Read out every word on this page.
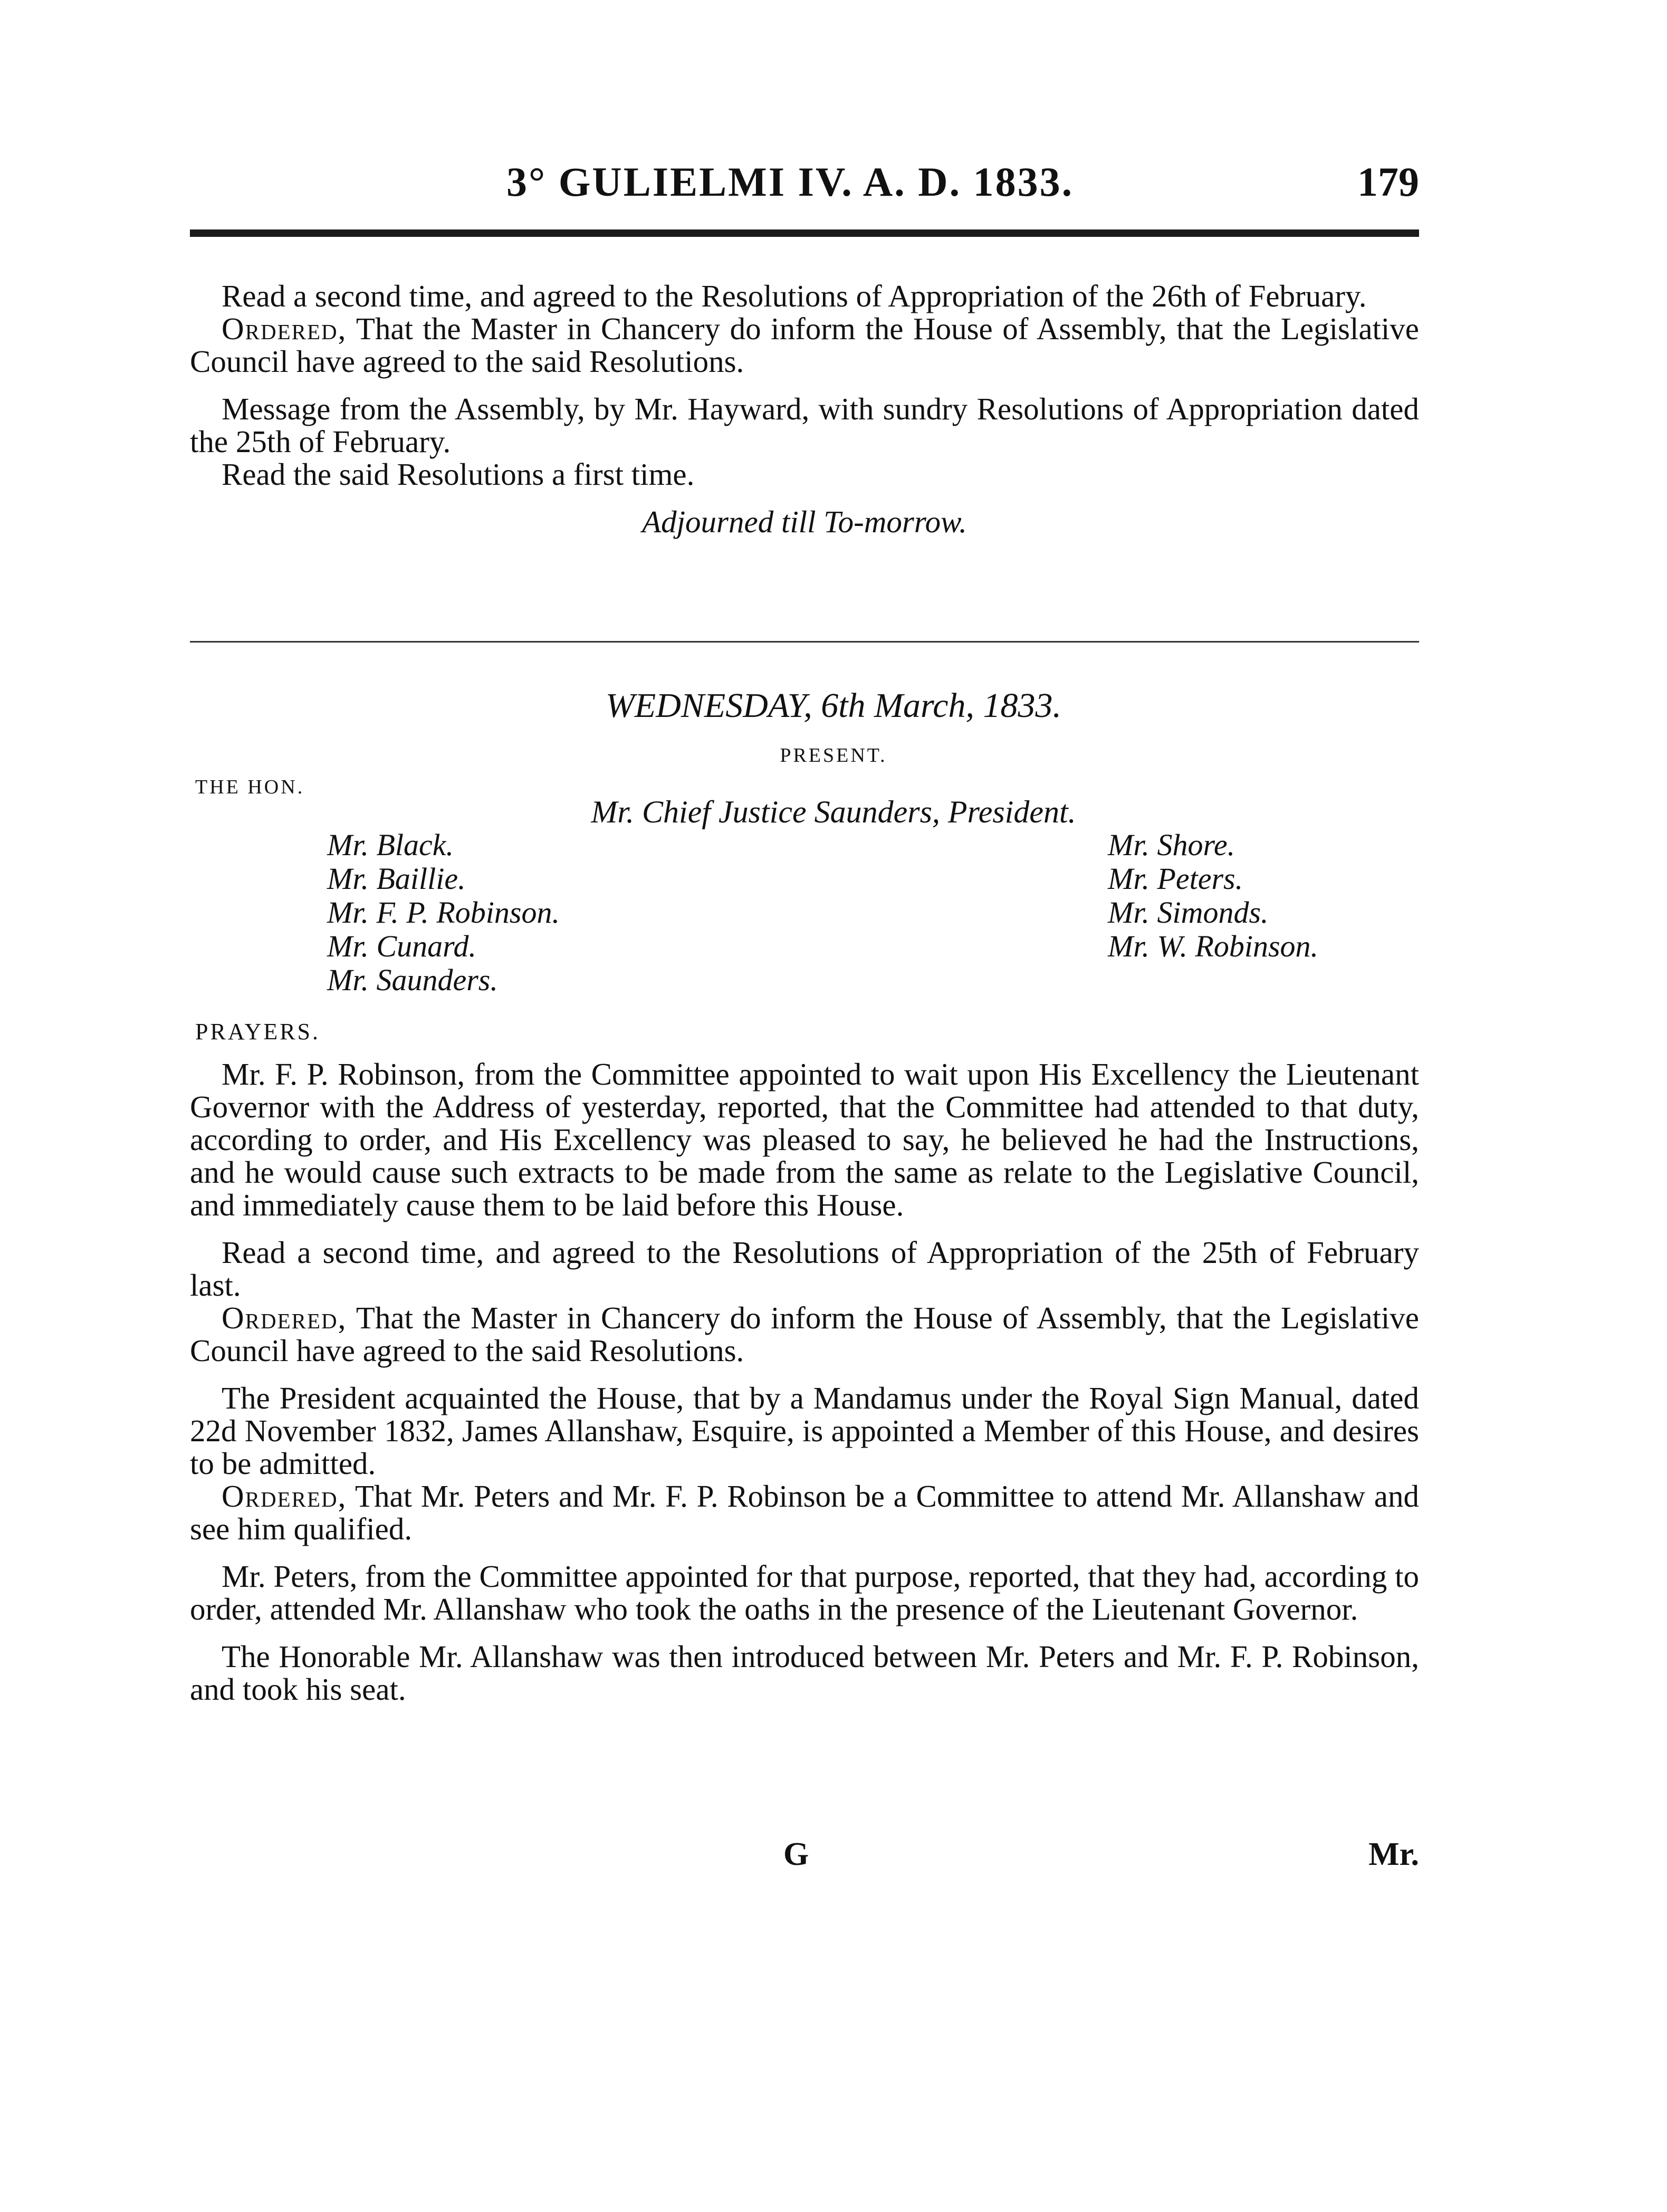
3° GULIELMI IV. A. D. 1833.	179

Read a second time, and agreed to the Resolutions of Appropriation of the 26th of February.

Ordered, That the Master in Chancery do inform the House of Assembly, that the Legislative Council have agreed to the said Resolutions.

Message from the Assembly, by Mr. Hayward, with sundry Resolutions of Appropriation dated the 25th of February.

Read the said Resolutions a first time.

Adjourned till To-morrow.

WEDNESDAY, 6th March, 1833.
PRESENT.
THE HON.
Mr. Chief Justice Saunders, President.
Mr. Black.
Mr. Baillie.
Mr. F. P. Robinson.
Mr. Cunard.
Mr. Saunders.
Mr. Shore.
Mr. Peters.
Mr. Simonds.
Mr. W. Robinson.
PRAYERS.

Mr. F. P. Robinson, from the Committee appointed to wait upon His Excellency the Lieutenant Governor with the Address of yesterday, reported, that the Committee had attended to that duty, according to order, and His Excellency was pleased to say, he believed he had the Instructions, and he would cause such extracts to be made from the same as relate to the Legislative Council, and immediately cause them to be laid before this House.

Read a second time, and agreed to the Resolutions of Appropriation of the 25th of February last.

Ordered, That the Master in Chancery do inform the House of Assembly, that the Legislative Council have agreed to the said Resolutions.

The President acquainted the House, that by a Mandamus under the Royal Sign Manual, dated 22d November 1832, James Allanshaw, Esquire, is appointed a Member of this House, and desires to be admitted.

Ordered, That Mr. Peters and Mr. F. P. Robinson be a Committee to attend Mr. Allanshaw and see him qualified.

Mr. Peters, from the Committee appointed for that purpose, reported, that they had, according to order, attended Mr. Allanshaw who took the oaths in the presence of the Lieutenant Governor.

The Honorable Mr. Allanshaw was then introduced between Mr. Peters and Mr. F. P. Robinson, and took his seat.

G	Mr.
